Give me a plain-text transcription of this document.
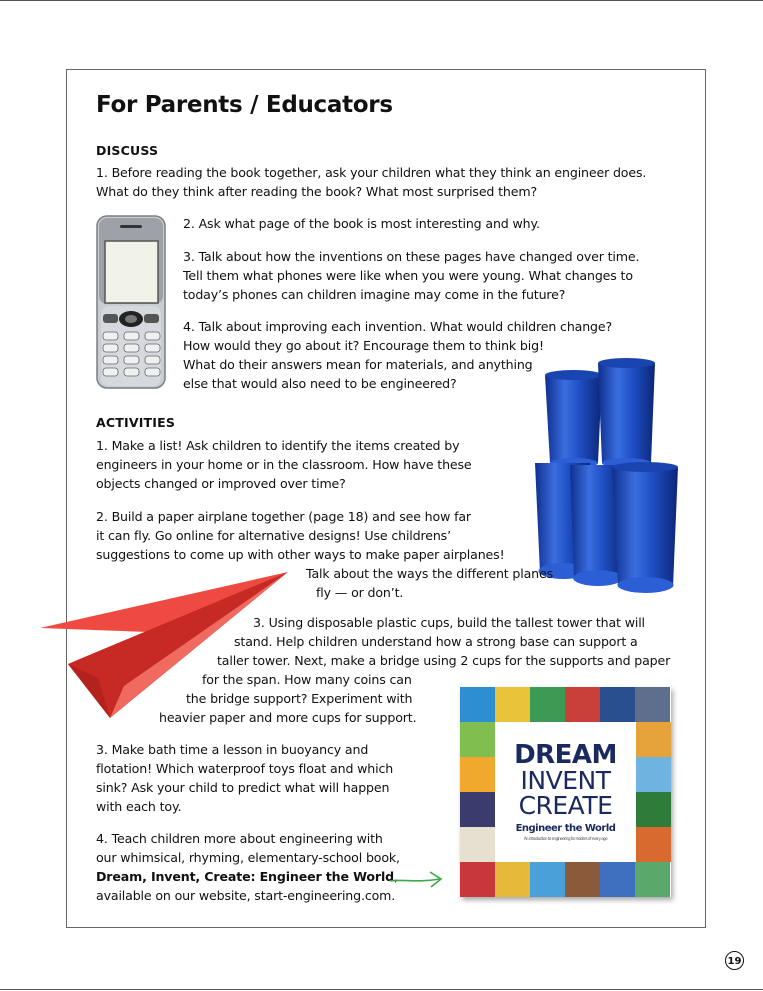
For Parents / Educators
DISCUSS
1. Before reading the book together, ask your children what they think an engineer does.
What do they think after reading the book? What most surprised them?
2. Ask what page of the book is most interesting and why.
3. Talk about how the inventions on these pages have changed over time.
Tell them what phones were like when you were young. What changes to
today’s phones can children imagine may come in the future?
4. Talk about improving each invention. What would children change?
How would they go about it? Encourage them to think big!
What do their answers mean for materials, and anything
else that would also need to be engineered?
ACTIVITIES
1. Make a list! Ask children to identify the items created by
engineers in your home or in the classroom. How have these
objects changed or improved over time?
2. Build a paper airplane together (page 18) and see how far
it can fly. Go online for alternative designs! Use childrens’
suggestions to come up with other ways to make paper airplanes!
Talk about the ways the different planes
fly — or don’t.
3. Using disposable plastic cups, build the tallest tower that will
stand. Help children understand how a strong base can support a
taller tower. Next, make a bridge using 2 cups for the supports and paper
for the span. How many coins can
the bridge support? Experiment with
heavier paper and more cups for support.
3. Make bath time a lesson in buoyancy and
flotation! Which waterproof toys float and which
sink? Ask your child to predict what will happen
with each toy.
4. Teach children more about engineering with
our whimsical, rhyming, elementary-school book,
Dream, Invent, Create: Engineer the World,
available on our website, start-engineering.com.
DREAM
INVENT
CREATE
Engineer the World
An introduction to engineering for readers of every age
19
